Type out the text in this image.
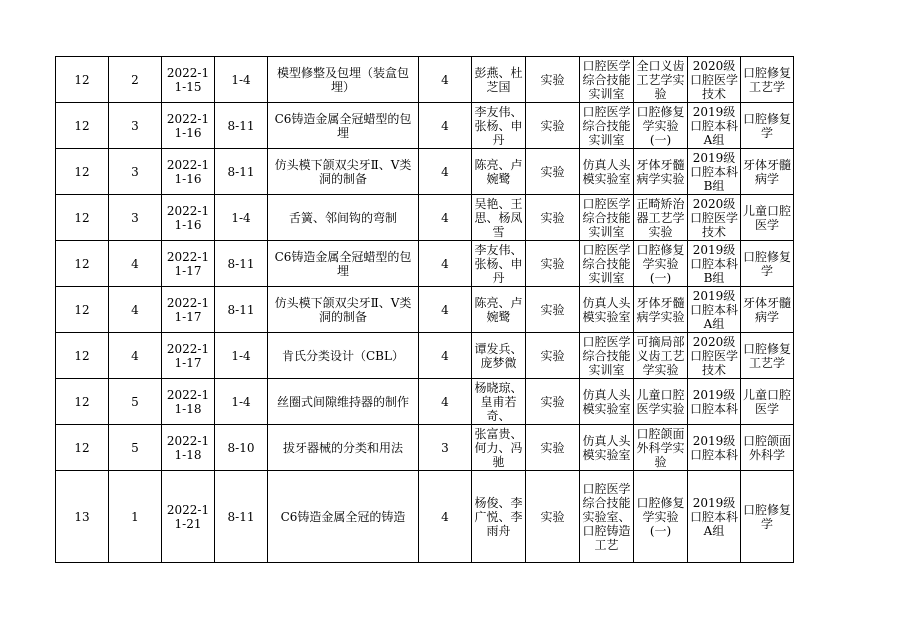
12	2	2022-11-15	1-4	模型修整及包埋（装盒包埋）	4	彭燕、杜芝国	实验	口腔医学综合技能实训室	全口义齿工艺学实验	2020级口腔医学技术	口腔修复工艺学

12	3	2022-11-16	8-11	C6铸造金属全冠蜡型的包埋	4	李友伟、张杨、申丹	实验	口腔医学综合技能实训室	口腔修复学实验(一)	2019级口腔本科A组	口腔修复学

12	3	2022-11-16	8-11	仿头模下颌双尖牙Ⅱ、V类洞的制备	4	陈亮、卢婉鹭	实验	仿真人头模实验室	牙体牙髓病学实验	2019级口腔本科B组	牙体牙髓病学

12	3	2022-11-16	1-4	舌簧、邻间钩的弯制	4	吴艳、王思、杨凤雪	实验	口腔医学综合技能实训室	正畸矫治器工艺学实验	2020级口腔医学技术	儿童口腔医学

12	4	2022-11-17	8-11	C6铸造金属全冠蜡型的包埋	4	李友伟、张杨、申丹	实验	口腔医学综合技能实训室	口腔修复学实验(一)	2019级口腔本科B组	口腔修复学

12	4	2022-11-17	8-11	仿头模下颌双尖牙Ⅱ、V类洞的制备	4	陈亮、卢婉鹭	实验	仿真人头模实验室	牙体牙髓病学实验	2019级口腔本科A组	牙体牙髓病学

12	4	2022-11-17	1-4	肯氏分类设计（CBL）	4	谭发兵、庞梦微	实验	口腔医学综合技能实训室	可摘局部义齿工艺学实验	2020级口腔医学技术	口腔修复工艺学

12	5	2022-11-18	1-4	丝圈式间隙维持器的制作	4	杨晓琼、皇甫若奇、	实验	仿真人头模实验室	儿童口腔医学实验	2019级口腔本科	儿童口腔医学

12	5	2022-11-18	8-10	拔牙器械的分类和用法	3	张富贵、何力、冯驰	实验	仿真人头模实验室	口腔颌面外科学实验	2019级口腔本科	口腔颌面外科学

13	1	2022-11-21	8-11	C6铸造金属全冠的铸造	4	杨俊、李广悦、李雨舟	实验	口腔医学综合技能实验室、口腔铸造工艺	口腔修复学实验(一)	2019级口腔本科A组	口腔修复学
